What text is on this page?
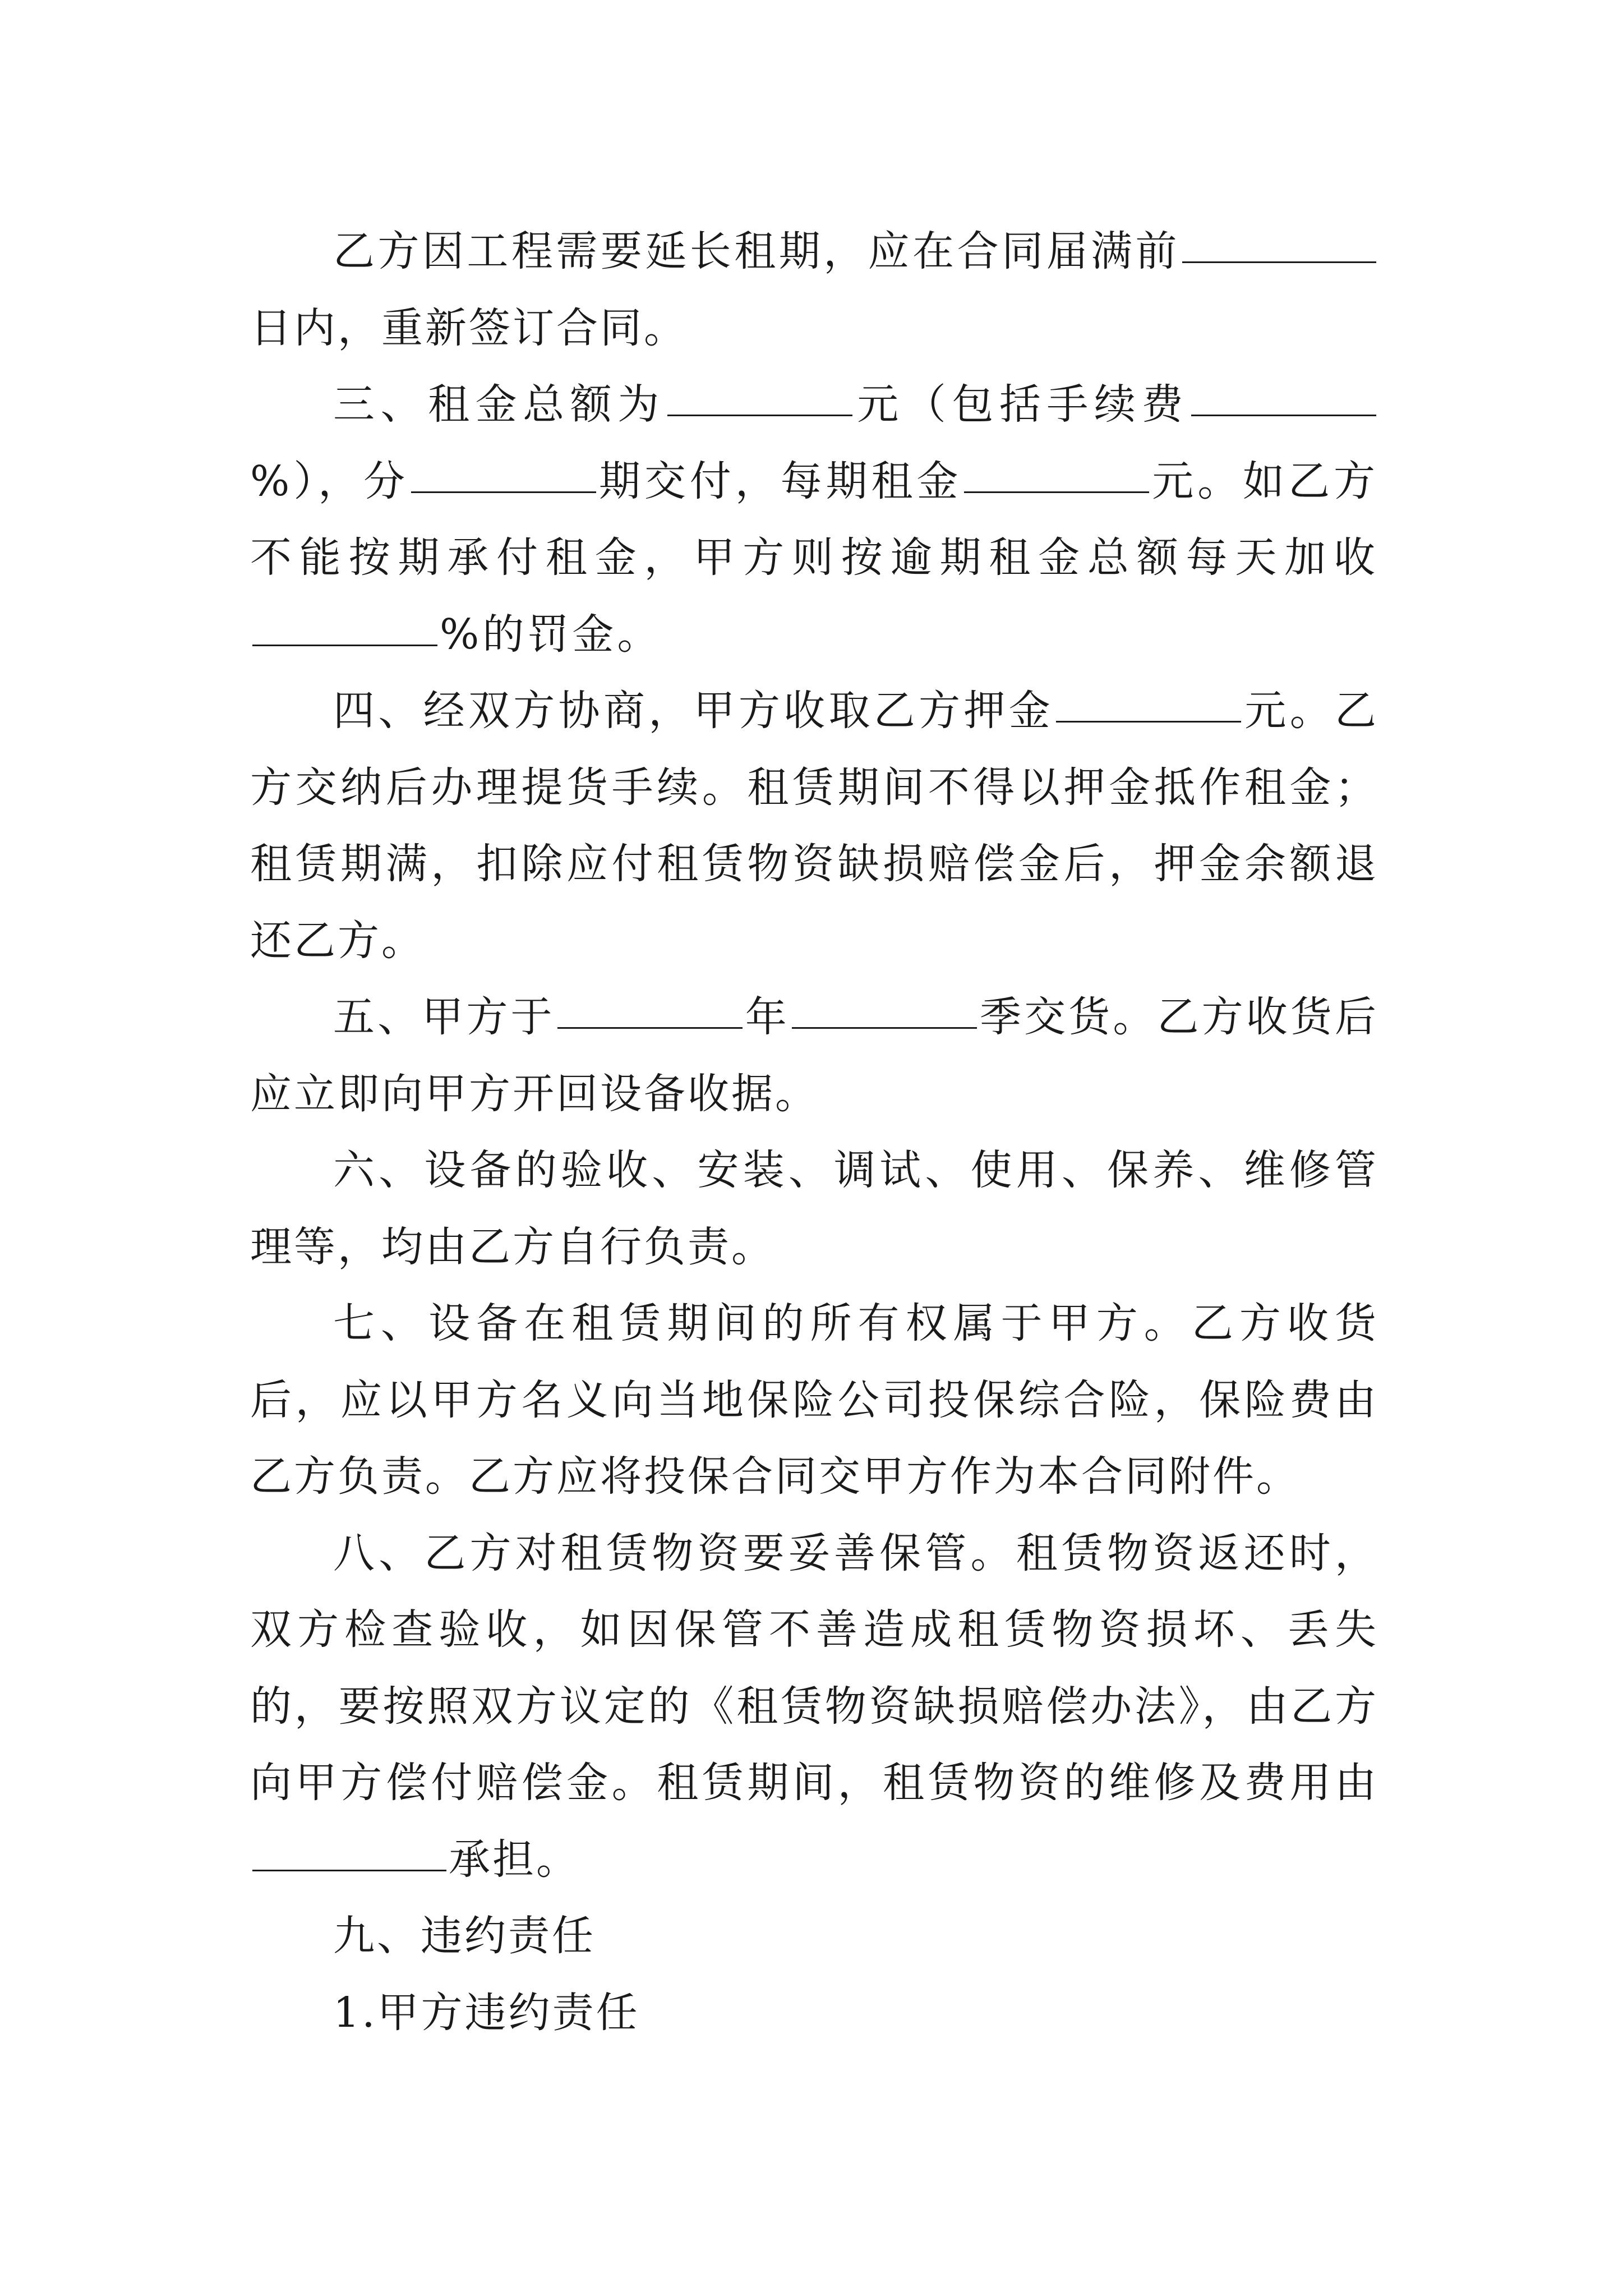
乙方因工程需要延长租期，应在合同届满前日内，重新签订合同。

三、租金总额为	元（包括手续费%），分	期交付，每期租金	元。如乙方不能按期承付租金，甲方则按逾期租金总额每天加收%的罚金。

四、经双方协商，甲方收取乙方押金	元。乙方交纳后办理提货手续。租赁期间不得以押金抵作租金；租赁期满，扣除应付租赁物资缺损赔偿金后，押金余额退还乙方。

五、甲方于	年	季交货。乙方收货后应立即向甲方开回设备收据。

六、设备的验收、安装、调试、使用、保养、维修管理等，均由乙方自行负责。

七、设备在租赁期间的所有权属于甲方。乙方收货后，应以甲方名义向当地保险公司投保综合险，保险费由乙方负责。乙方应将投保合同交甲方作为本合同附件。

八、乙方对租赁物资要妥善保管。租赁物资返还时，双方检查验收，如因保管不善造成租赁物资损坏、丢失的，要按照双方议定的《租赁物资缺损赔偿办法》，由乙方向甲方偿付赔偿金。租赁期间，租赁物资的维修及费用由承担。

九、违约责任

1.甲方违约责任
